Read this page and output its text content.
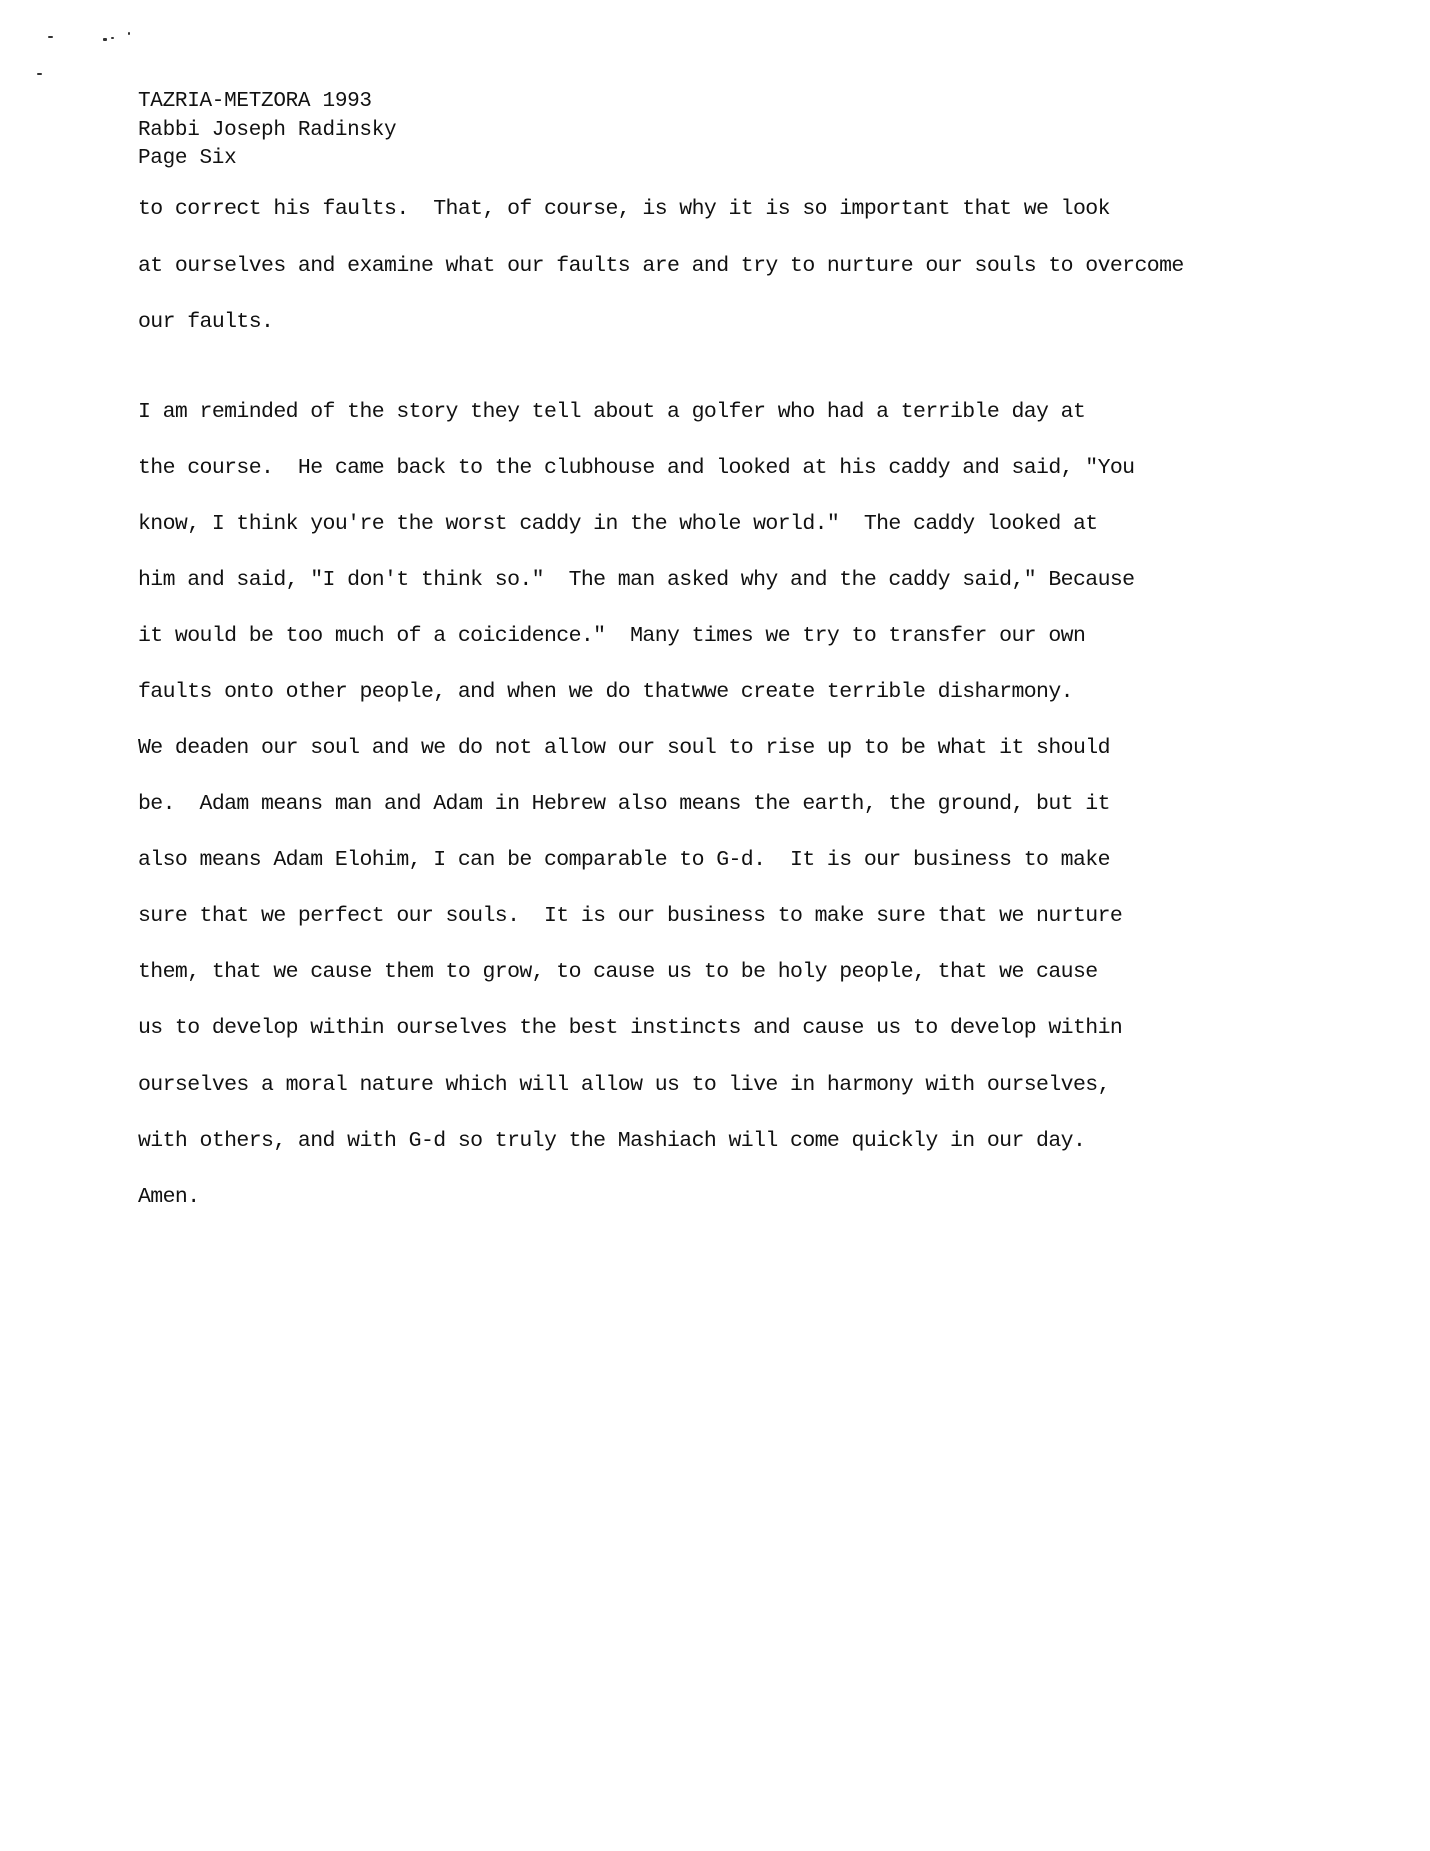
TAZRIA-METZORA 1993
Rabbi Joseph Radinsky
Page Six
to correct his faults.  That, of course, is why it is so important that we look
at ourselves and examine what our faults are and try to nurture our souls to overcome
our faults.
I am reminded of the story they tell about a golfer who had a terrible day at
the course.  He came back to the clubhouse and looked at his caddy and said, "You
know, I think you're the worst caddy in the whole world."  The caddy looked at
him and said, "I don't think so."  The man asked why and the caddy said," Because
it would be too much of a coicidence."  Many times we try to transfer our own
faults onto other people, and when we do thatwwe create terrible disharmony.
We deaden our soul and we do not allow our soul to rise up to be what it should
be.  Adam means man and Adam in Hebrew also means the earth, the ground, but it
also means Adam Elohim, I can be comparable to G-d.  It is our business to make
sure that we perfect our souls.  It is our business to make sure that we nurture
them, that we cause them to grow, to cause us to be holy people, that we cause
us to develop within ourselves the best instincts and cause us to develop within
ourselves a moral nature which will allow us to live in harmony with ourselves,
with others, and with G-d so truly the Mashiach will come quickly in our day.
Amen.
